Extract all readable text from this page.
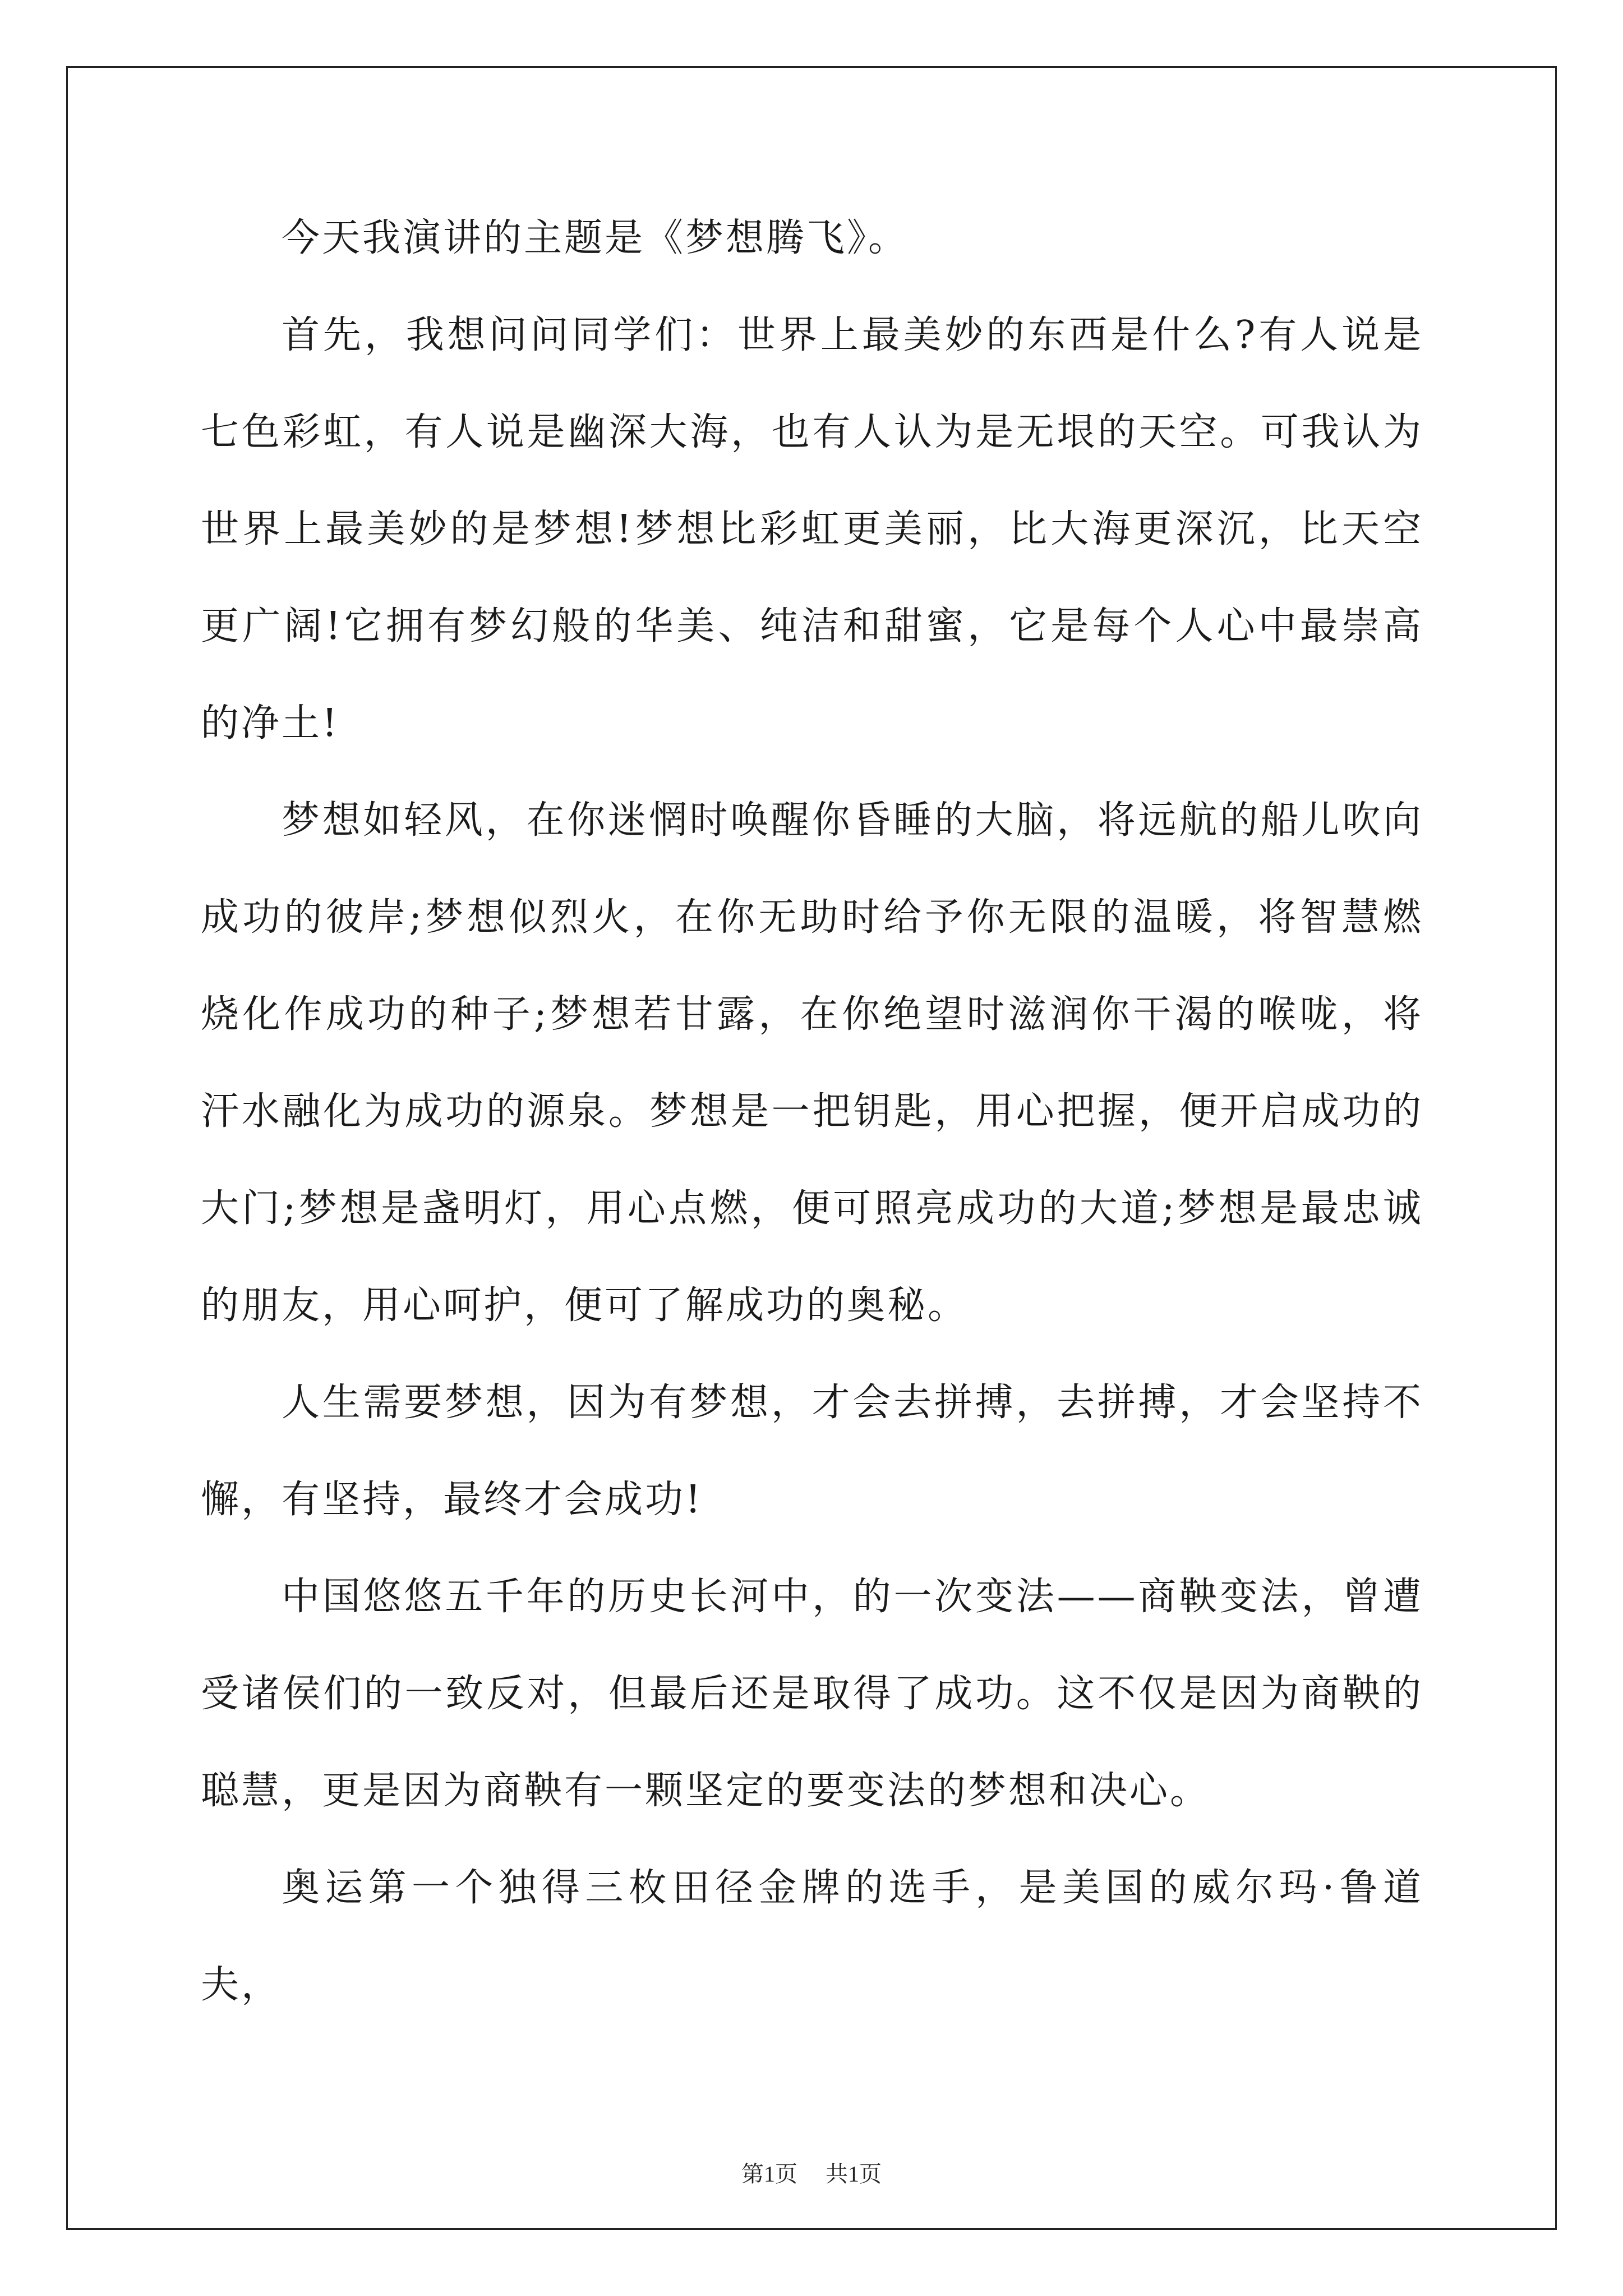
今天我演讲的主题是《梦想腾飞》。

首先，我想问问同学们：世界上最美妙的东西是什么?有人说是七色彩虹，有人说是幽深大海，也有人认为是无垠的天空。可我认为世界上最美妙的是梦想!梦想比彩虹更美丽，比大海更深沉，比天空更广阔!它拥有梦幻般的华美、纯洁和甜蜜，它是每个人心中最崇高的净土!

梦想如轻风，在你迷惘时唤醒你昏睡的大脑，将远航的船儿吹向成功的彼岸;梦想似烈火，在你无助时给予你无限的温暖，将智慧燃烧化作成功的种子;梦想若甘露，在你绝望时滋润你干渴的喉咙，将汗水融化为成功的源泉。梦想是一把钥匙，用心把握，便开启成功的大门;梦想是盏明灯，用心点燃，便可照亮成功的大道;梦想是最忠诚的朋友，用心呵护，便可了解成功的奥秘。

人生需要梦想，因为有梦想，才会去拼搏，去拼搏，才会坚持不懈，有坚持，最终才会成功!

中国悠悠五千年的历史长河中，的一次变法——商鞅变法，曾遭受诸侯们的一致反对，但最后还是取得了成功。这不仅是因为商鞅的聪慧，更是因为商鞅有一颗坚定的要变法的梦想和决心。

奥运第一个独得三枚田径金牌的选手，是美国的威尔玛·鲁道夫，

第1页 共1页
